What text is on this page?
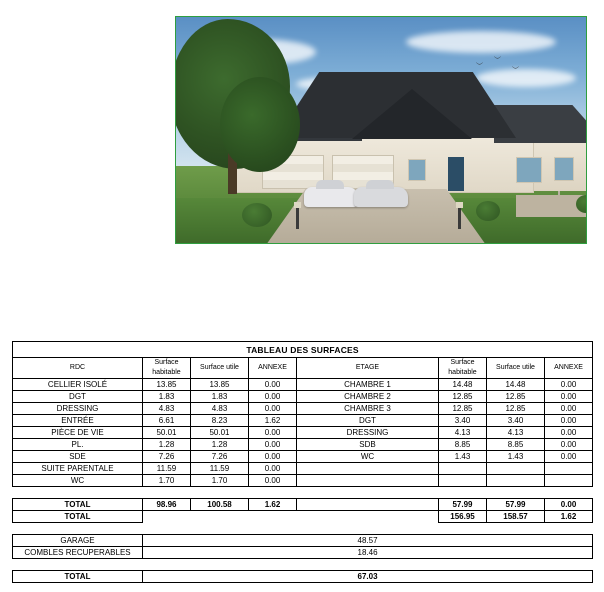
︶
︶
︶
TABLEAU DES SURFACES							
RDC	Surface habitable	Surface utile	ANNEXE	ETAGE	Surface habitable	Surface utile	ANNEXE
CELLIER ISOLÉ	13.85	13.85	0.00	CHAMBRE 1	14.48	14.48	0.00
DGT	1.83	1.83	0.00	CHAMBRE 2	12.85	12.85	0.00
DRESSING	4.83	4.83	0.00	CHAMBRE 3	12.85	12.85	0.00
ENTRÉE	6.61	8.23	1.62	DGT	3.40	3.40	0.00
PIÈCE DE VIE	50.01	50.01	0.00	DRESSING	4.13	4.13	0.00
PL.	1.28	1.28	0.00	SDB	8.85	8.85	0.00
SDE	7.26	7.26	0.00	WC	1.43	1.43	0.00
SUITE PARENTALE	11.59	11.59	0.00				
WC	1.70	1.70	0.00				

TOTAL	98.96	100.58	1.62		57.99	57.99	0.00
TOTAL					156.95	158.57	1.62

GARAGE	48.57						
COMBLES RECUPERABLES	18.46						

TOTAL	67.03						
